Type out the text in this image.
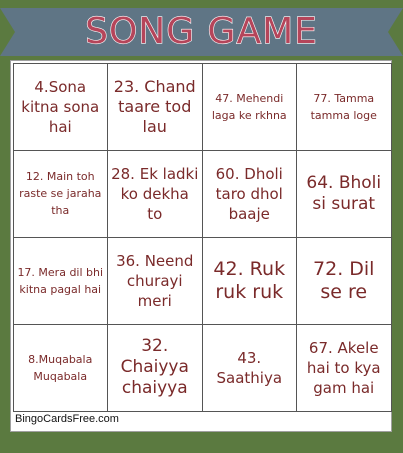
SONG GAME
4.Sona kitna sona hai
23. Chand taare tod lau
47. Mehendi laga ke rkhna
77. Tamma tamma loge
12. Main toh raste se jaraha tha
28. Ek ladki ko dekha to
60. Dholi taro dhol baaje
64. Bholi si surat
17. Mera dil bhi kitna pagal hai
36. Neend churayi meri
42. Ruk ruk ruk
72. Dil se re
8.Muqabala Muqabala
32. Chaiyya chaiyya
43. Saathiya
67. Akele hai to kya gam hai
BingoCardsFree.com
